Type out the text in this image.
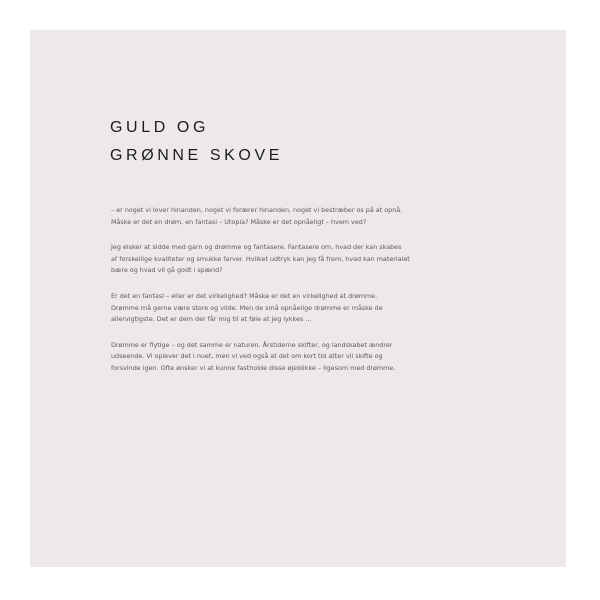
GULD OG
GRØNNE SKOVE

– er noget vi lover hinanden, noget vi forærer hinanden, noget vi bestræber os på at opnå.
Måske er det en drøm, en fantasi – Utopia? Måske er det opnåeligt – hvem ved?

Jeg elsker at sidde med garn og drømme og fantasere. Fantasere om, hvad der kan skabes
af forskellige kvaliteter og smukke farver. Hvilket udtryk kan jeg få frem, hvad kan materialet
bære og hvad vil gå godt i spænd?

Er det en fantasi – eller er det virkelighed? Måske er det en virkelighed at drømme.
Drømme må gerne være store og vilde. Men de små opnåelige drømme er måske de
allervigtigste. Det er dem der får mig til at føle at jeg lykkes …

Drømme er flytige – og det samme er naturen. Årstiderne skifter, og landskabet ændrer
udseende. Vi oplever det i nuet, men vi ved også at det om kort tid atter vil skifte og
forsvinde igen. Ofte ønsker vi at kunne fastholde disse øjeblikke – ligesom med drømme.
